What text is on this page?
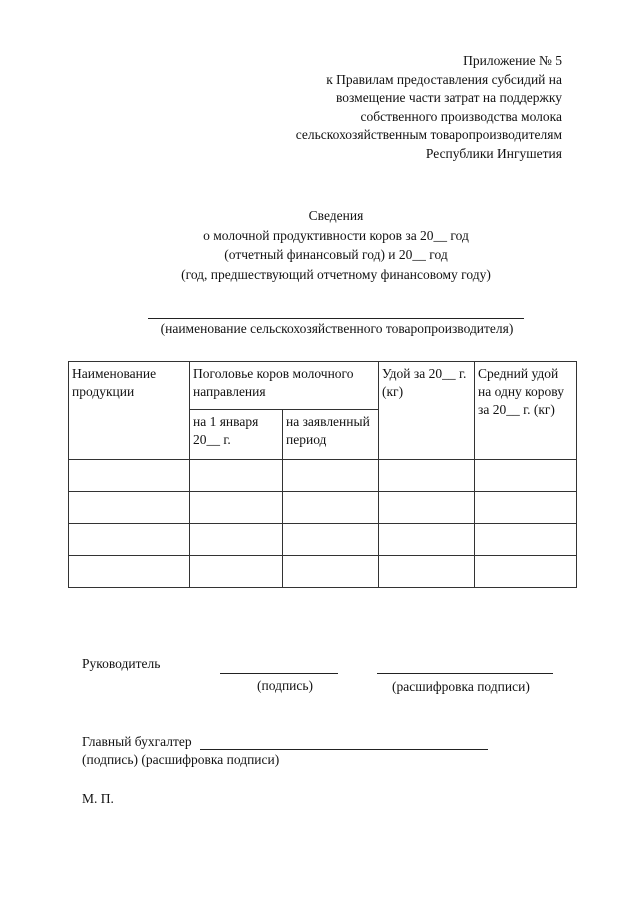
Приложение № 5
к Правилам предоставления субсидий на
возмещение части затрат на поддержку
собственного производства молока
сельскохозяйственным товаропроизводителям
Республики Ингушетия
Сведения
о молочной продуктивности коров за 20__ год
(отчетный финансовый год) и 20__ год
(год, предшествующий отчетному финансовому году)
(наименование сельскохозяйственного товаропроизводителя)
Наименование продукции	Поголовье коров молочного направления		Удой за 20__ г. (кг)	Средний удой на одну корову за 20__ г. (кг)
	на 1 января 20__ г.	на заявленный период		

Руководитель
(подпись)	(расшифровка подписи)
Главный бухгалтер
(подпись) (расшифровка подписи)
М. П.
